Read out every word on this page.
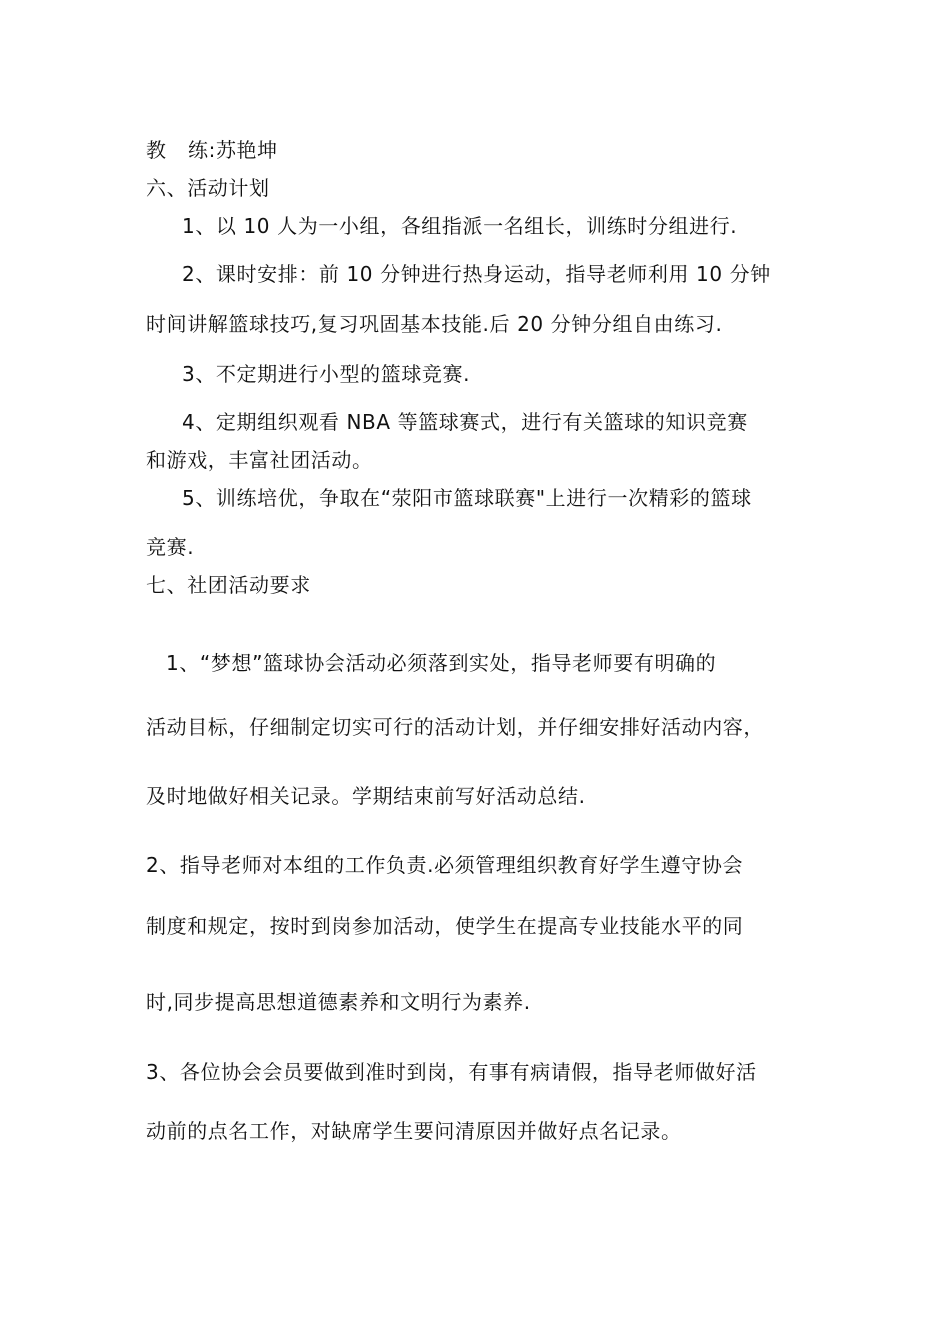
教 练:苏艳坤
六、活动计划
1、以 10 人为一小组，各组指派一名组长，训练时分组进行.
2、课时安排：前 10 分钟进行热身运动，指导老师利用 10 分钟
时间讲解篮球技巧,复习巩固基本技能.后 20 分钟分组自由练习.
3、不定期进行小型的篮球竞赛.
4、定期组织观看 NBA 等篮球赛式，进行有关篮球的知识竞赛
和游戏，丰富社团活动。
5、训练培优，争取在“荥阳市篮球联赛"上进行一次精彩的篮球
竞赛.
七、社团活动要求
1、“梦想”篮球协会活动必须落到实处，指导老师要有明确的
活动目标，仔细制定切实可行的活动计划，并仔细安排好活动内容，
及时地做好相关记录。学期结束前写好活动总结.
2、指导老师对本组的工作负责.必须管理组织教育好学生遵守协会
制度和规定，按时到岗参加活动，使学生在提高专业技能水平的同
时,同步提高思想道德素养和文明行为素养.
3、各位协会会员要做到准时到岗，有事有病请假，指导老师做好活
动前的点名工作，对缺席学生要问清原因并做好点名记录。
